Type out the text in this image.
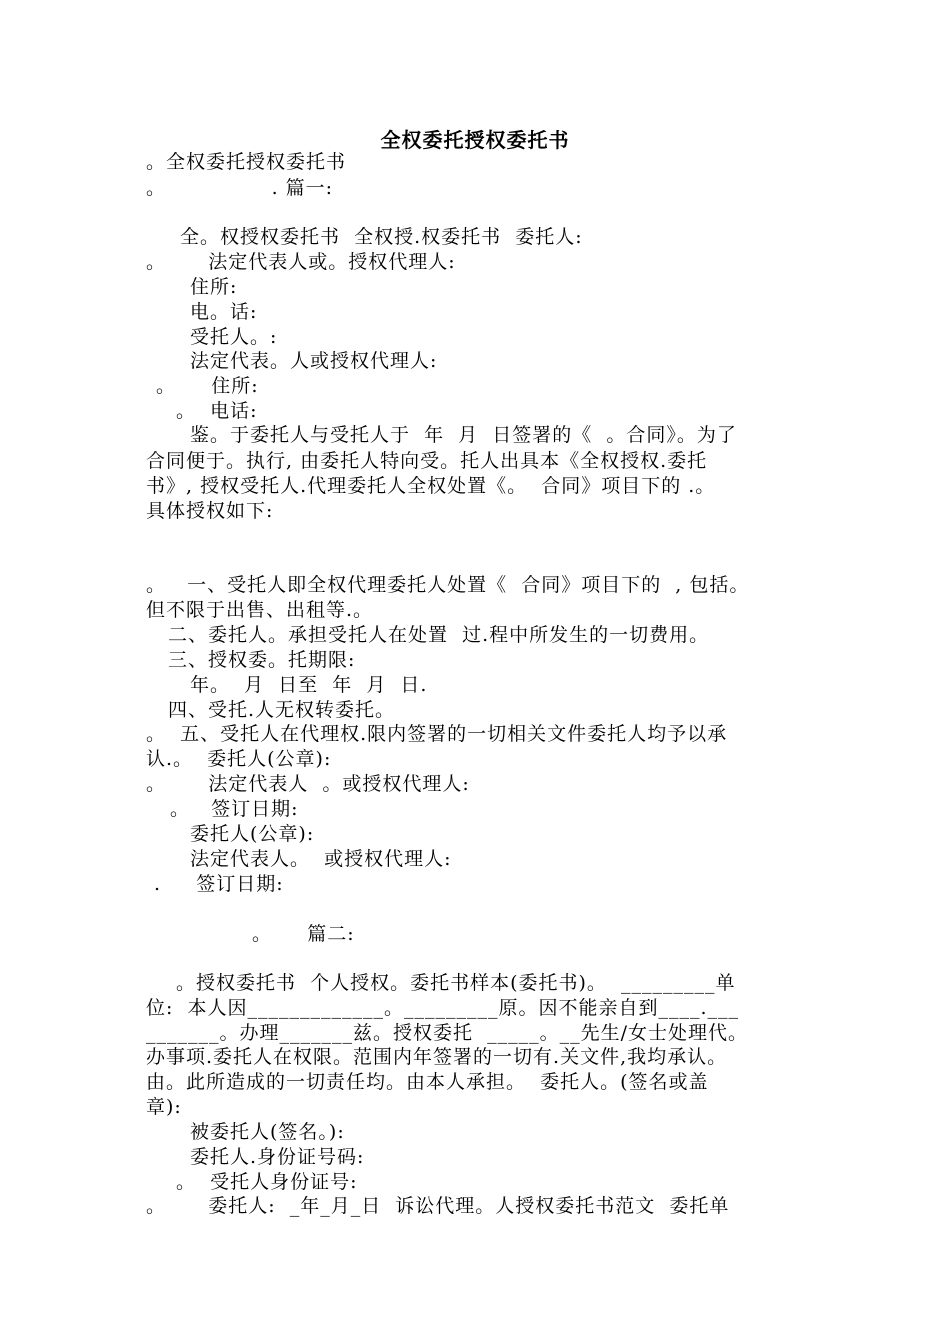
全权委托授权委托书
。全权委托授权委托书
。               . 篇一:
全。权授权委托书  全权授.权委托书  委托人:
。      法定代表人或。授权代理人:
住所:
电。话:
受托人。:
法定代表。人或授权代理人:
。     住所:
。  电话:
鉴。于委托人与受托人于  年  月  日签署的《  。合同》。为了
合同便于。执行, 由委托人特向受。托人出具本《全权授权.委托
书》, 授权受托人.代理委托人全权处置《。  合同》项目下的 .。
具体授权如下:
。   一、受托人即全权代理委托人处置《  合同》项目下的  , 包括。
但不限于出售、出租等.。
二、委托人。承担受托人在处置  过.程中所发生的一切费用。
三、授权委。托期限:
年。  月  日至  年  月  日.
四、受托.人无权转委托。
。  五、受托人在代理权.限内签署的一切相关文件委托人均予以承
认.。  委托人(公章):
。      法定代表人  。或授权代理人:
。   签订日期:
委托人(公章):
法定代表人。  或授权代理人:
.     签订日期:
。     篇二:
。授权委托书  个人授权。委托书样本(委托书)。  _________单
位:  本人因_____________。_________原。因不能亲自到____.___
_______。办理_______兹。授权委托  _____。__先生/女士处理代。
办事项.委托人在权限。范围内年签署的一切有.关文件,我均承认。
由。此所造成的一切责任均。由本人承担。  委托人。(签名或盖
章):
被委托人(签名。):
委托人.身份证号码:
。  受托人身份证号:
。      委托人:  _年_月_日  诉讼代理。人授权委托书范文  委托单
